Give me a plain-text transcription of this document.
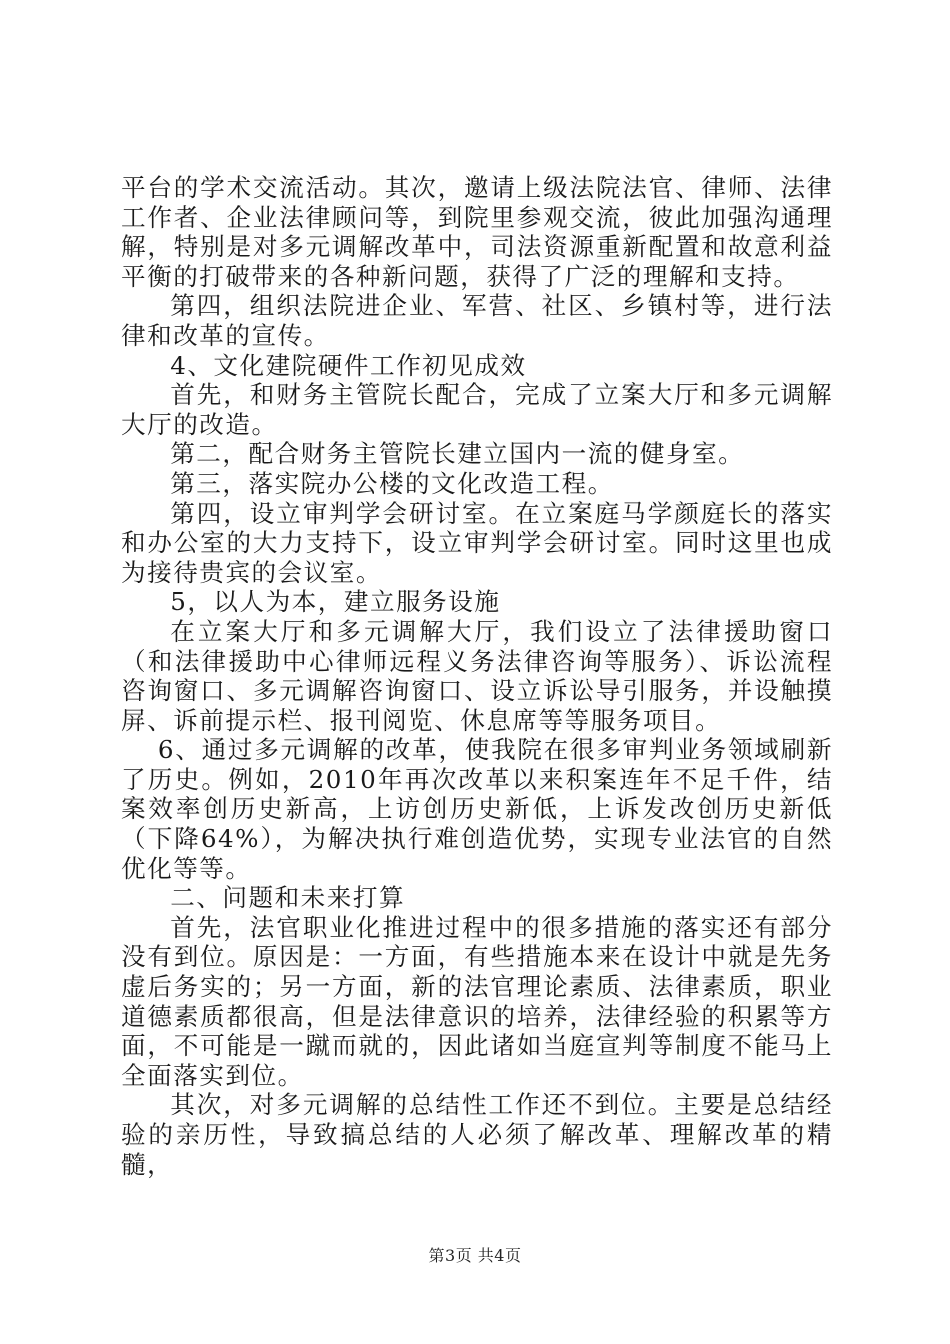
平台的学术交流活动。其次，邀请上级法院法官、律师、法律工作者、企业法律顾问等，到院里参观交流，彼此加强沟通理解，特别是对多元调解改革中，司法资源重新配置和故意利益平衡的打破带来的各种新问题，获得了广泛的理解和支持。

第四，组织法院进企业、军营、社区、乡镇村等，进行法律和改革的宣传。

4、文化建院硬件工作初见成效

首先，和财务主管院长配合，完成了立案大厅和多元调解大厅的改造。

第二，配合财务主管院长建立国内一流的健身室。

第三，落实院办公楼的文化改造工程。

第四，设立审判学会研讨室。在立案庭马学颜庭长的落实和办公室的大力支持下，设立审判学会研讨室。同时这里也成为接待贵宾的会议室。

5，以人为本，建立服务设施

在立案大厅和多元调解大厅，我们设立了法律援助窗口（和法律援助中心律师远程义务法律咨询等服务）、诉讼流程咨询窗口、多元调解咨询窗口、设立诉讼导引服务，并设触摸屏、诉前提示栏、报刊阅览、休息席等等服务项目。

6、通过多元调解的改革，使我院在很多审判业务领域刷新了历史。例如，2010年再次改革以来积案连年不足千件，结案效率创历史新高，上访创历史新低，上诉发改创历史新低（下降64%），为解决执行难创造优势，实现专业法官的自然优化等等。

二、问题和未来打算

首先，法官职业化推进过程中的很多措施的落实还有部分没有到位。原因是：一方面，有些措施本来在设计中就是先务虚后务实的；另一方面，新的法官理论素质、法律素质，职业道德素质都很高，但是法律意识的培养，法律经验的积累等方面，不可能是一蹴而就的，因此诸如当庭宣判等制度不能马上全面落实到位。

其次，对多元调解的总结性工作还不到位。主要是总结经验的亲历性，导致搞总结的人必须了解改革、理解改革的精髓，

第3页 共4页
